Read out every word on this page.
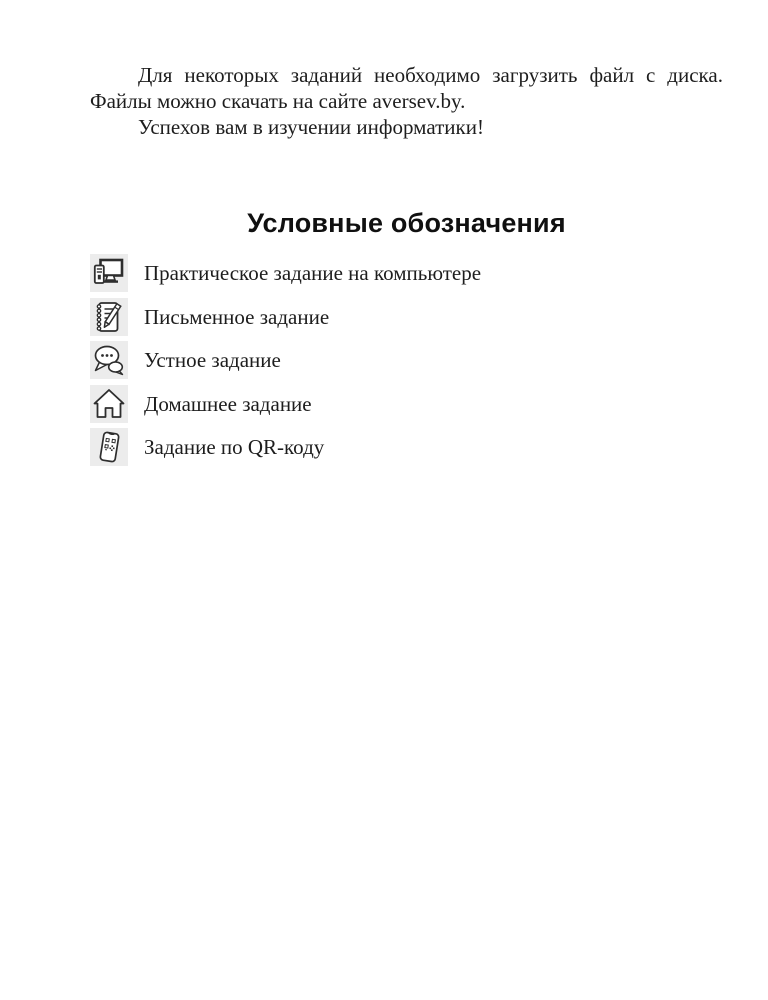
Для некоторых заданий необходимо загрузить файл с диска. Файлы можно скачать на сайте aversev.by.

Успехов вам в изучении информатики!

Условные обозначения
Практическое задание на компьютере
Письменное задание
Устное задание
Домашнее задание
Задание по QR-коду
